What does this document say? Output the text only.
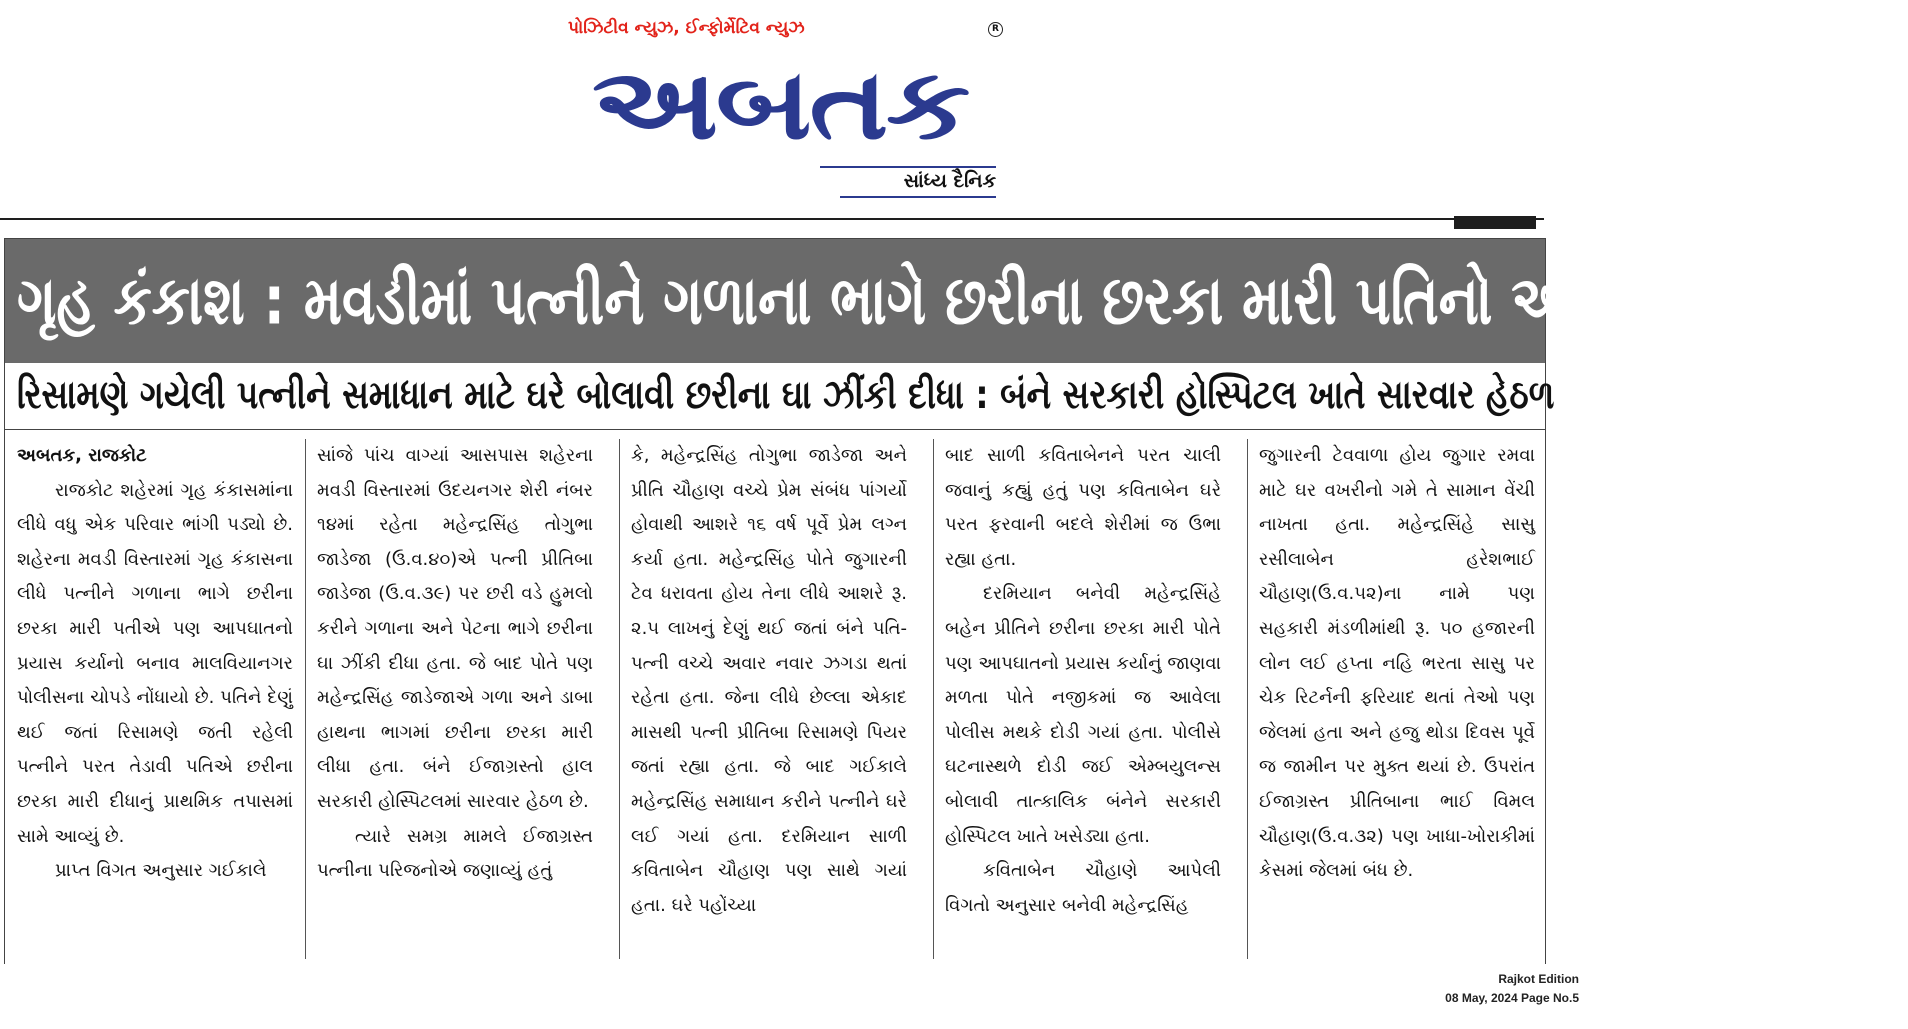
પોઝિટીવ ન્યુઝ, ઈન્ફોર્મેટિવ ન્યુઝ	R
અબતક
સાંધ્ય દૈનિક
ગૃહ કંકાશ : મવડીમાં પત્નીને ગળાના ભાગે છરીના છરકા મારી પતિનો આપઘાતનો પ્રયાસ
રિસામણે ગયેલી પત્નીને સમાધાન માટે ઘરે બોલાવી છરીના ઘા ઝીંકી દીધા : બંને સરકારી હોસ્પિટલ ખાતે સારવાર હેઠળ

અબતક, રાજકોટ

રાજકોટ શહેરમાં ગૃહ કંકાસમાંના લીધે વધુ એક પરિવાર ભાંગી પડ્યો છે. શહેરના મવડી વિસ્તારમાં ગૃહ કંકાસના લીધે પત્નીને ગળાના ભાગે છરીના છરકા મારી પતીએ પણ આપઘાતનો પ્રયાસ કર્યાનો બનાવ માલવિયાનગર પોલીસના ચોપડે નોંધાયો છે. પતિને દેણું થઈ જતાં રિસામણે જતી રહેલી પત્નીને પરત તેડાવી પતિએ છરીના છરકા મારી દીધાનું પ્રાથમિક તપાસમાં સામે આવ્યું છે.

પ્રાપ્ત વિગત અનુસાર ગઈકાલે

સાંજે પાંચ વાગ્યાં આસપાસ શહેરના મવડી વિસ્તારમાં ઉદયનગર શેરી નંબર ૧૪માં રહેતા મહેન્દ્રસિંહ તોગુભા જાડેજા (ઉ.વ.૪૦)એ પત્ની પ્રીતિબા જાડેજા (ઉ.વ.૩૯) પર છરી વડે હુમલો કરીને ગળાના અને પેટના ભાગે છરીના ઘા ઝીંકી દીધા હતા. જે બાદ પોતે પણ મહેન્દ્રસિંહ જાડેજાએ ગળા અને ડાબા હાથના ભાગમાં છરીના છરકા મારી લીધા હતા. બંને ઈજાગ્રસ્તો હાલ સરકારી હોસ્પિટલમાં સારવાર હેઠળ છે.

ત્યારે સમગ્ર મામલે ઈજાગ્રસ્ત પત્નીના પરિજનોએ જણાવ્યું હતું

કે, મહેન્દ્રસિંહ તોગુભા જાડેજા અને પ્રીતિ ચૌહાણ વચ્ચે પ્રેમ સંબંધ પાંગર્યો હોવાથી આશરે ૧૬ વર્ષ પૂર્વે પ્રેમ લગ્ન કર્યા હતા. મહેન્દ્રસિંહ પોતે જુગારની ટેવ ધરાવતા હોય તેના લીધે આશરે રૂ. ૨.૫ લાખનું દેણું થઈ જતાં બંને પતિ-પત્ની વચ્ચે અવાર નવાર ઝગડા થતાં રહેતા હતા. જેના લીધે છેલ્લા એકાદ માસથી પત્ની પ્રીતિબા રિસામણે પિયર જતાં રહ્યા હતા. જે બાદ ગઈકાલે મહેન્દ્રસિંહ સમાધાન કરીને પત્નીને ઘરે લઈ ગયાં હતા. દરમિયાન સાળી કવિતાબેન ચૌહાણ પણ સાથે ગયાં હતા. ઘરે પહોંચ્યા

બાદ સાળી કવિતાબેનને પરત ચાલી જવાનું કહ્યું હતું પણ કવિતાબેન ઘરે પરત ફરવાની બદલે શેરીમાં જ ઉભા રહ્યા હતા.

દરમિયાન બનેવી મહેન્દ્રસિંહે બહેન પ્રીતિને છરીના છરકા મારી પોતે પણ આપઘાતનો પ્રયાસ કર્યાનું જાણવા મળતા પોતે નજીકમાં જ આવેલા પોલીસ મથકે દોડી ગયાં હતા. પોલીસે ઘટનાસ્થળે દોડી જઈ એમ્બયુલન્સ બોલાવી તાત્કાલિક બંનેને સરકારી હોસ્પિટલ ખાતે ખસેડ્યા હતા.

કવિતાબેન ચૌહાણે આપેલી વિગતો અનુસાર બનેવી મહેન્દ્રસિંહ

જુગારની ટેવવાળા હોય જુગાર રમવા માટે ઘર વખરીનો ગમે તે સામાન વેંચી નાખતા હતા. મહેન્દ્રસિંહે સાસુ રસીલાબેન હરેશભાઈ ચૌહાણ(ઉ.વ.૫૨)ના નામે પણ સહકારી મંડળીમાંથી રૂ. ૫૦ હજારની લોન લઈ હપ્તા નહિ ભરતા સાસુ પર ચેક રિટર્નની ફરિયાદ થતાં તેઓ પણ જેલમાં હતા અને હજુ થોડા દિવસ પૂર્વે જ જામીન પર મુક્ત થયાં છે. ઉપરાંત ઈજાગ્રસ્ત પ્રીતિબાના ભાઈ વિમલ ચૌહાણ(ઉ.વ.૩૨) પણ ખાધા-ખોરાકીમાં કેસમાં જેલમાં બંધ છે.

Rajkot Edition
08 May, 2024 Page No.5
